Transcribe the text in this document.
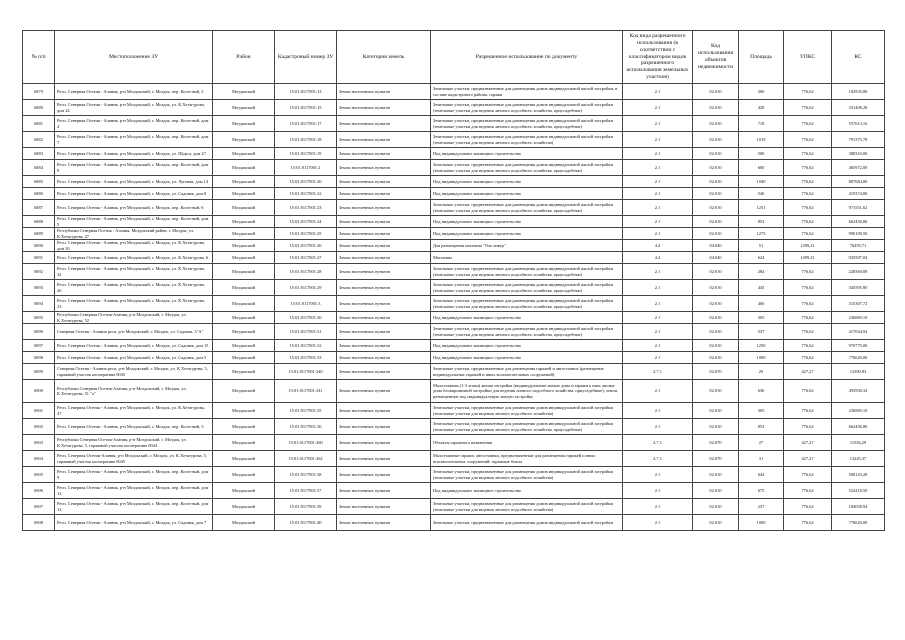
№ п/п	Местоположение ЗУ	Район	Кадастровый номер ЗУ	Категория земель	Разрешенное использование по документу	Код вида разрешенного использования (в соответствии с классификатором видов разрешенного использования земельных участков)	Код использования объектов недвижимости	Площадь	УПКС	КС
6879	Респ. Северная Осетия - Алания, р-н Моздокский, г. Моздок, пер. Кооп-ный, 2	Моздокский	15:01:0117001:13	Земли населенных пунктов	Земельные участки, предназначенные для размещения домов индивидуальной жилой застройки, в составе кадастрового района, гаражи	2.1	02:010	306	776,62	182935,86
6880	Респ. Северная Осетия - Алания, р-н Моздокский, г. Моздок, ул. К.Хетагурова, дом 24	Моздокский	15:01:0117001:15	Земли населенных пунктов	Земельные участки, предназначенные для размещения домов индивидуальной жилой застройки (земельные участки для ведения личного подсобного хозяйства, приусадебные)	2.1	02:010	428	776,62	331408,28
6881	Респ. Северная Осетия - Алания, р-н Моздокский, г. Моздок, пер. Кооп-ный, дом 4	Моздокский	15:01:0117001:17	Земли населенных пунктов	Земельные участки, предназначенные для размещения домов индивидуальной жилой застройки (земельные участки для ведения личного подсобного хозяйства, приусадебные)	2.1	02:010	718	776,62	557613,16
6882	Респ. Северная Осетия - Алания, р-н Моздокский, г. Моздок, пер. Кооп-ный, дом 7	Моздокский	15:01:0117001:18	Земли населенных пунктов	Земельные участки, предназначенные для размещения домов индивидуальной жилой застройки (земельные участки для ведения личного подсобного хозяйства)	2.1	02:010	1019	776,62	791375,78
6883	Респ. Северная Осетия - Алания, р-н Моздокский, г. Моздок, ул. Щорса, дом 27	Моздокский	15:01:0117001:19	Земли населенных пунктов	Под индивидуальное жилищное строительство	2.1	02:010	500	776,62	388310,00
6884	Респ. Северная Осетия - Алания, р-н Моздокский, г. Моздок, пер. Кооп-ный, дом 9	Моздокский	15:01:0117001:2	Земли населенных пунктов	Земельные участки, предназначенные для размещения домов индивидуальной жилой застройки (земельные участки для ведения личного подсобного хозяйства, приусадебные)	2.1	02:010	600	776,62	465972,00
6885	Респ. Северная Осетия - Алания, р-н Моздокский, г. Моздок, ул. Луговая, дом 14	Моздокский	15:01:0117001:20	Земли населенных пунктов	Под индивидуальное жилищное строительство	2.1	02:010	1040	776,62	807684,80
6886	Респ. Северная Осетия - Алания, р-н Моздокский, г. Моздок, ул. Садовая, дом 8	Моздокский	15:01:0117001:22	Земли населенных пунктов	Под индивидуальное жилищное строительство	2.1	02:010	540	776,62	419374,80
6887	Респ. Северная Осетия - Алания, р-н Моздокский, г. Моздок, пер. Кооп-ный, 6	Моздокский	15:01:0117001:23	Земли населенных пунктов	Земельные участки, предназначенные для размещения домов индивидуальной жилой застройки (земельные участки для ведения личного подсобного хозяйства, приусадебные)	2.1	02:010	1251	776,62	971551,62
6888	Респ. Северная Осетия - Алания, р-н Моздокский, г. Моздок, пер. Кооп-ный, дом 5	Моздокский	15:01:0117001:24	Земли населенных пунктов	Под индивидуальное жилищное строительство	2.1	02:010	853	776,62	662456,86
6889	Республика Северная Осетия - Алания, Моздокский район, г. Моздок, ул. К.Хетагурова, 27	Моздокский	15:01:0117001:25	Земли населенных пунктов	Под индивидуальное жилищное строительство	2.1	02:010	1275	776,62	990190,50
6890	Респ. Северная Осетия - Алания, р-н Моздокский, г. Моздок, ул. К.Хетагурова, дом 30	Моздокский	15:01:0117001:26	Земли населенных пунктов	Для размещения магазина "Оле ликер"	4.4	04:040	51	1499,21	76459,71
6891	Респ. Северная Осетия - Алания, р-н Моздокский, г. Моздок, ул. К.Хетагурова, 6	Моздокский	15:01:0117001:27	Земли населенных пунктов	Магазины	4.4	04:040	624	1499,21	935507,04
6892	Респ. Северная Осетия - Алания, р-н Моздокский, г. Моздок, ул. К.Хетагурова, 32	Моздокский	15:01:0117001:28	Земли населенных пунктов	Земельные участки, предназначенные для размещения домов индивидуальной жилой застройки (земельные участки для ведения личного подсобного хозяйства, приусадебные)	2.1	02:010	284	776,62	220560,08
6893	Респ. Северная Осетия - Алания, р-н Моздокский, г. Моздок, ул. К.Хетагурова, 26	Моздокский	15:01:0117001:29	Земли населенных пунктов	Земельные участки, предназначенные для размещения домов индивидуальной жилой застройки (земельные участки для ведения личного подсобного хозяйства, приусадебные)	2.1	02:010	445	776,62	345595,90
6894	Респ. Северная Осетия - Алания, р-н Моздокский, г. Моздок, ул. К.Хетагурова, 23	Моздокский	15:01:0117001:3	Земли населенных пунктов	Земельные участки, предназначенные для размещения домов индивидуальной жилой застройки (земельные участки для ведения личного подсобного хозяйства, приусадебные)	2.1	02:010	406	776,62	315307,72
6895	Республика Северная Осетия-Алания, р-н Моздокский, г. Моздок, ул. К.Хетагурова, 52	Моздокский	15:01:0117001:30	Земли населенных пунктов	Под индивидуальное жилищное строительство	2.1	02:010	305	776,62	236869,10
6896	Северная Осетия - Алания респ, р-н Моздокский, г. Моздок, ул. Садовая, 3"А"	Моздокский	15:01:0117001:31	Земли населенных пунктов	Земельные участки, предназначенные для размещения домов индивидуальной жилой застройки (земельные участки для ведения личного подсобного хозяйства, приусадебные)	2.1	02:010	537	776,62	417044,94
6897	Респ. Северная Осетия - Алания, р-н Моздокский, г. Моздок, ул. Садовая, дом 15	Моздокский	15:01:0117001:32	Земли населенных пунктов	Под индивидуальное жилищное строительство	2.1	02:010	1250	776,62	970775,00
6898	Респ. Северная Осетия - Алания, р-н Моздокский, г. Моздок, ул. Садовая, дом 5	Моздокский	15:01:0117001:33	Земли населенных пунктов	Под индивидуальное жилищное строительство	2.1	02:010	1000	776,62	776620,00
6899	Северная Осетия - Алания респ, р-н Моздокский, г. Моздок, ул. К.Хетагурова, 5, гаражный участок кооператива 0045	Моздокский	15:01:0117001:340	Земли населенных пунктов	Земельные участки, предназначенные для размещения гаражей и автостоянок (размещение индивидуальных гаражей и иных вспомогательных сооружений)	2.7.1	02:070	29	427,27	12390,83
6900	Республика Северная Осетия-Алания, р-н Моздокский, г. Моздок, ул. К.Хетагурова, 51 "а"	Моздокский	15:01:0117001:341	Земли населенных пунктов	Малоэтажная (1-3 этажа) жилая застройка (индивидуальные жилые дома и гаражи к ним; жилые дома блокированной застройки для ведения личного подсобного хозяйства, приусадебные); земли, размещенные под индивидуальную жилую застройку	2.1	02:010	636	776,62	493930,32
6901	Респ. Северная Осетия - Алания, р-н Моздокский, г. Моздок, ул. К.Хетагурова, 47	Моздокский	15:01:0117001:35	Земли населенных пунктов	Земельные участки, предназначенные для размещения домов индивидуальной жилой застройки (земельные участки для ведения личного подсобного хозяйства)	2.1	02:010	305	776,62	236869,10
6902	Респ. Северная Осетия - Алания, р-н Моздокский, г. Моздок, пер. Кооп-ный, 3	Моздокский	15:01:0117001:36	Земли населенных пунктов	Земельные участки, предназначенные для размещения домов индивидуальной жилой застройки (земельные участки для ведения личного подсобного хозяйства, приусадебные)	2.1	02:010	853	776,62	662456,86
6903	Республика Северная Осетия-Алания, р-н Моздокский, г. Моздок, ул. К.Хетагурова, 5, гаражный участок кооператива 0044	Моздокский	15:01:0117001:360	Земли населенных пунктов	Объекты гаражного назначения	2.7.1	02:070	27	427,27	11536,29
6904	Респ. Северная Осетия-Алания, р-н Моздокский, г. Моздок, ул. К.Хетагурова, 5, гаражный участок кооператива 0045	Моздокский	15:01:0117001:362	Земли населенных пунктов	Малоэтажные гаражи, автостоянки, предназначенные для размещения гаражей и иных вспомогательных сооружений; гаражные боксы	2.7.1	02:070	31	427,27	13245,37
6905	Респ. Северная Осетия - Алания, р-н Моздокский, г. Моздок, пер. Кооп-ный, дом 9	Моздокский	15:01:0117001:38	Земли населенных пунктов	Земельные участки, предназначенные для размещения домов индивидуальной жилой застройки (земельные участки для ведения личного подсобного хозяйства)	2.1	02:010	644	776,62	500143,28
6906	Респ. Северная Осетия - Алания, р-н Моздокский, г. Моздок, пер. Кооп-ный, дом 12	Моздокский	15:01:0117001:37	Земли населенных пунктов	Под индивидуальное жилищное строительство	2.1	02:010	675	776,62	524218,50
6907	Респ. Северная Осетия - Алания, р-н Моздокский, г. Моздок, пер. Кооп-ный, дом 12	Моздокский	15:01:0117001:39	Земли населенных пунктов	Земельные участки, предназначенные для размещения домов индивидуальной жилой застройки (земельные участки для ведения личного подсобного хозяйства)	2.1	02:010	237	776,62	184058,94
6908	Респ. Северная Осетия - Алания, р-н Моздокский, г. Моздок, ул. Садовая, дом 7	Моздокский	15:01:0117001:40	Земли населенных пунктов	Земельные участки, предназначенные для размещения домов индивидуальной жилой застройки	2.1	02:010	1000	776,62	776620,00
